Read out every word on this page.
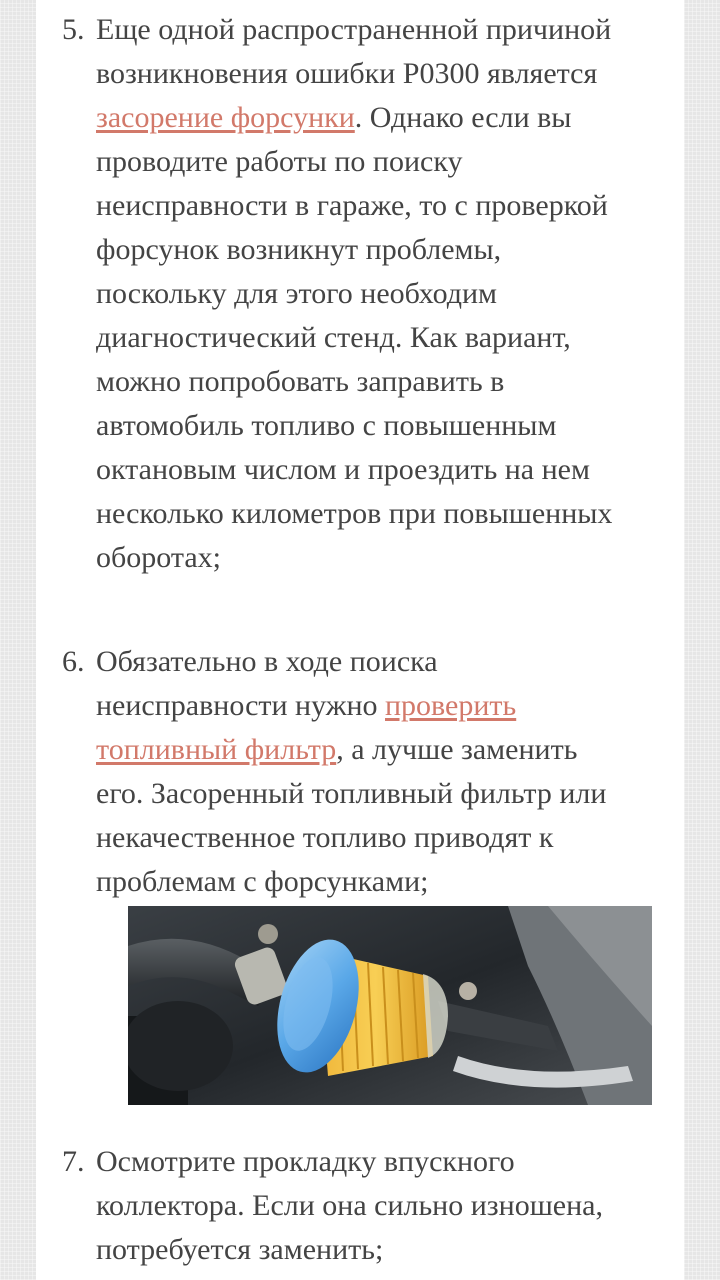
5. Еще одной распространенной причиной возникновения ошибки P0300 является засорение форсунки. Однако если вы проводите работы по поиску неисправности в гараже, то с проверкой форсунок возникнут проблемы, поскольку для этого необходим диагностический стенд. Как вариант, можно попробовать заправить в автомобиль топливо с повышенным октановым числом и проездить на нем несколько километров при повышенных оборотах;

6. Обязательно в ходе поиска неисправности нужно проверить топливный фильтр, а лучше заменить его. Засоренный топливный фильтр или некачественное топливо приводят к проблемам с форсунками;

7. Осмотрите прокладку впускного коллектора. Если она сильно изношена, потребуется заменить;
